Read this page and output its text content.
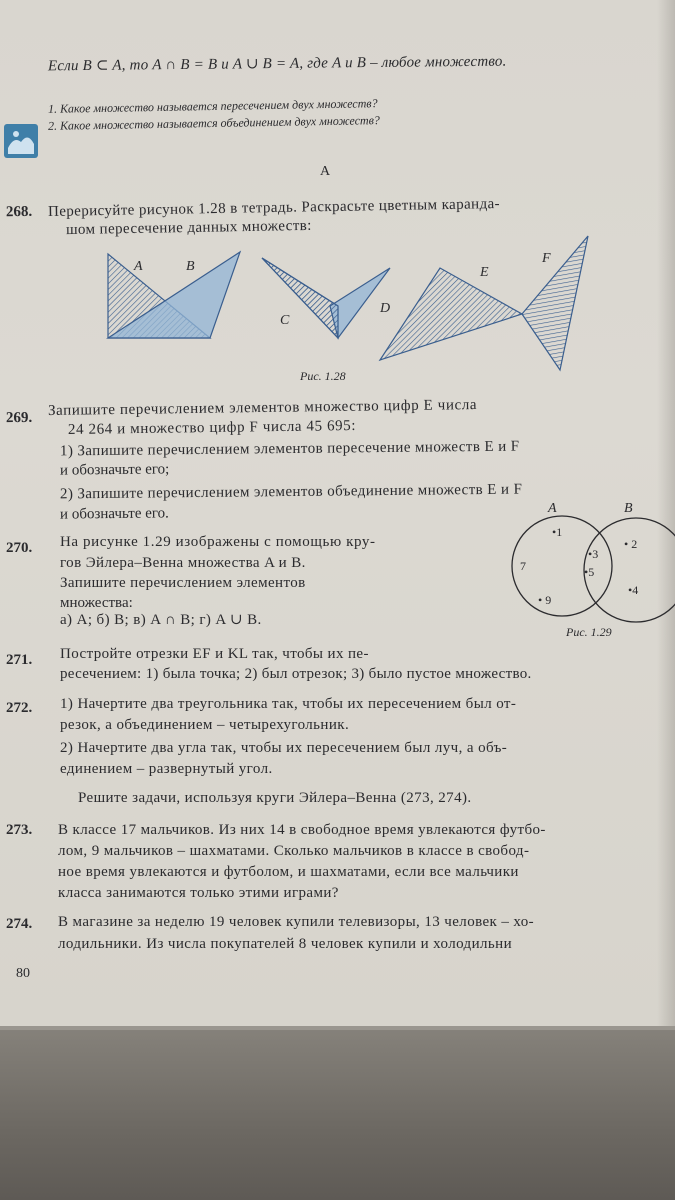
Если B ⊂ A, то A ∩ B = B и A ∪ B = A, где A и B – любое множество.
1. Какое множество называется пересечением двух множеств?
2. Какое множество называется объединением двух множеств?
А
268. Перерисуйте рисунок 1.28 в тетрадь. Раскрасьте цветным каранда-
шом пересечение данных множеств:
A	B
C
D
E
F
Рис. 1.28
269. Запишите перечислением элементов множество цифр E числа
24 264 и множество цифр F числа 45 695:
1) Запишите перечислением элементов пересечение множеств E и F
и обозначьте его;
2) Запишите перечислением элементов объединение множеств E и F
и обозначьте его.
270. На рисунке 1.29 изображены с помощью кру-
гов Эйлера–Венна множества A и B.
Запишите перечислением элементов
множества:
а) A; б) B; в) A ∩ B; г) A ∪ B.
A	B
•1
7
• 9
•3
•5
• 2
•4
Рис. 1.29
271. Постройте отрезки EF и KL так, чтобы их пе-
ресечением: 1) была точка; 2) был отрезок; 3) было пустое множество.
272. 1) Начертите два треугольника так, чтобы их пересечением был от-
резок, а объединением – четырехугольник.
2) Начертите два угла так, чтобы их пересечением был луч, а объ-
единением – развернутый угол.
Решите задачи, используя круги Эйлера–Венна (273, 274).
273. В классе 17 мальчиков. Из них 14 в свободное время увлекаются футбо-
лом, 9 мальчиков – шахматами. Сколько мальчиков в классе в свобод-
ное время увлекаются и футболом, и шахматами, если все мальчики
класса занимаются только этими играми?
274. В магазине за неделю 19 человек купили телевизоры, 13 человек – хо-
лодильники. Из числа покупателей 8 человек купили и холодильни
80
